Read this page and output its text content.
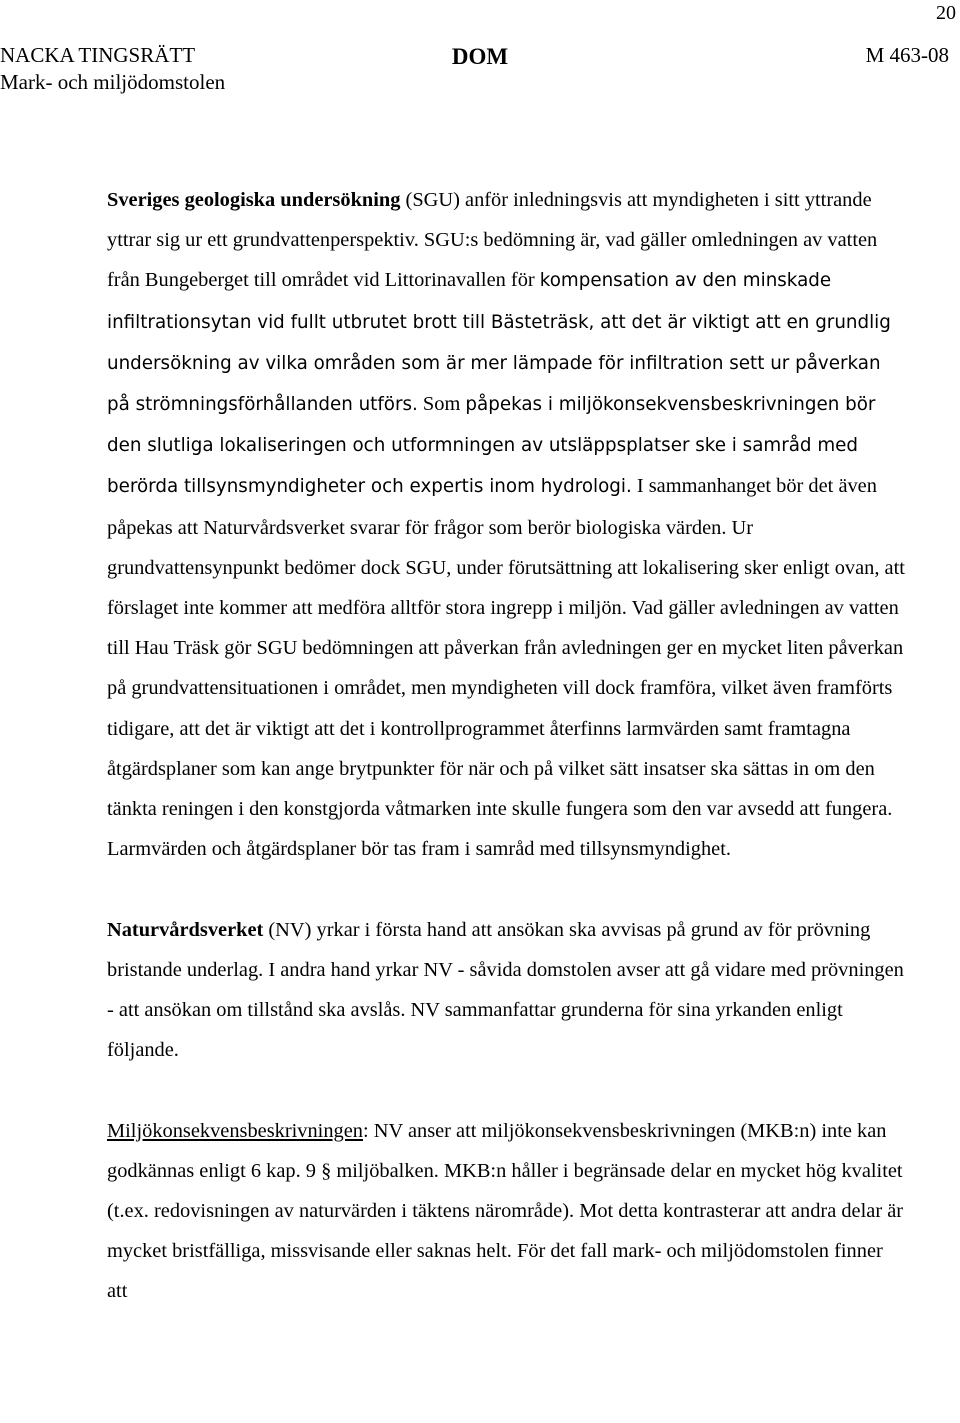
20
NACKA TINGSRÄTT
Mark- och miljödomstolen
DOM	M 463-08

Sveriges geologiska undersökning (SGU) anför inledningsvis att myndigheten i sitt yttrande yttrar sig ur ett grundvattenperspektiv. SGU:s bedömning är, vad gäller omledningen av vatten från Bungeberget till området vid Littorinavallen för kompensation av den minskade infiltrationsytan vid fullt utbrutet brott till Bästeträsk, att det är viktigt att en grundlig undersökning av vilka områden som är mer lämpade för infiltration sett ur påverkan på strömningsförhållanden utförs. Som påpekas i miljökonsekvensbeskrivningen bör den slutliga lokaliseringen och utformningen av utsläppsplatser ske i samråd med berörda tillsynsmyndigheter och expertis inom hydrologi. I sammanhanget bör det även påpekas att Naturvårdsverket svarar för frågor som berör biologiska värden. Ur grundvattensynpunkt bedömer dock SGU, under förutsättning att lokalisering sker enligt ovan, att förslaget inte kommer att medföra alltför stora ingrepp i miljön. Vad gäller avledningen av vatten till Hau Träsk gör SGU bedömningen att påverkan från avledningen ger en mycket liten påverkan på grundvattensituationen i området, men myndigheten vill dock framföra, vilket även framförts tidigare, att det är viktigt att det i kontrollprogrammet återfinns larmvärden samt framtagna åtgärdsplaner som kan ange brytpunkter för när och på vilket sätt insatser ska sättas in om den tänkta reningen i den konstgjorda våtmarken inte skulle fungera som den var avsedd att fungera. Larmvärden och åtgärdsplaner bör tas fram i samråd med tillsynsmyndighet.

Naturvårdsverket (NV) yrkar i första hand att ansökan ska avvisas på grund av för prövning bristande underlag. I andra hand yrkar NV - såvida domstolen avser att gå vidare med prövningen - att ansökan om tillstånd ska avslås. NV sammanfattar grunderna för sina yrkanden enligt följande.

Miljökonsekvensbeskrivningen: NV anser att miljökonsekvensbeskrivningen (MKB:n) inte kan godkännas enligt 6 kap. 9 § miljöbalken. MKB:n håller i begränsade delar en mycket hög kvalitet (t.ex. redovisningen av naturvärden i täktens närområde). Mot detta kontrasterar att andra delar är mycket bristfälliga, missvisande eller saknas helt. För det fall mark- och miljödomstolen finner att
